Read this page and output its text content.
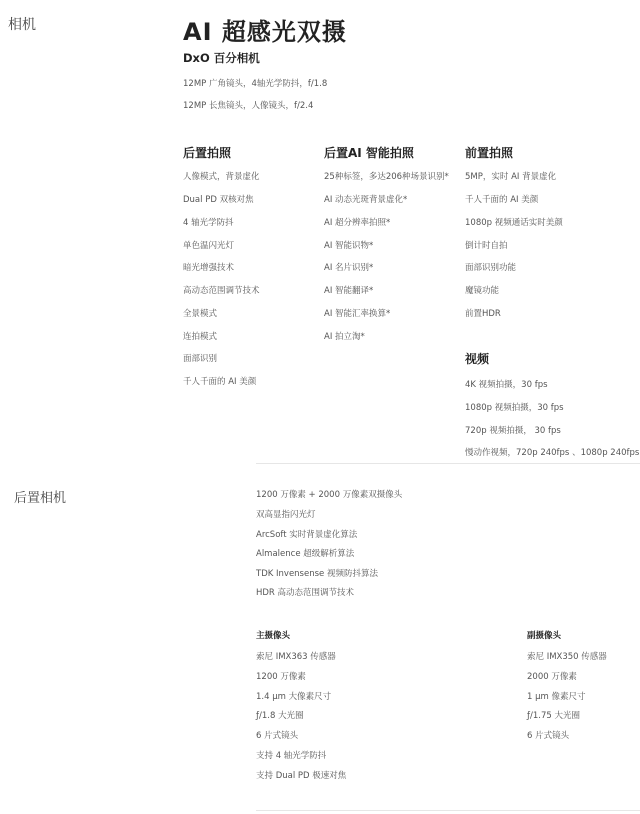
相机	AI 超感光双摄
DxO 百分相机
12MP 广角镜头，4轴光学防抖，f/1.8
12MP 长焦镜头，人像镜头，f/2.4
后置拍照
人像模式，背景虚化
Dual PD 双核对焦
4 轴光学防抖
单色温闪光灯
暗光增强技术
高动态范围调节技术
全景模式
连拍模式
面部识别
千人千面的 AI 美颜
后置AI 智能拍照
25种标签，多达206种场景识别*
AI 动态光斑背景虚化*
AI 超分辨率拍照*
AI 智能识物*
AI 名片识别*
AI 智能翻译*
AI 智能汇率换算*
AI 拍立淘*
前置拍照
5MP，实时 AI 背景虚化
千人千面的 AI 美颜
1080p 视频通话实时美颜
倒计时自拍
面部识别功能
魔镜功能
前置HDR
视频
4K 视频拍摄，30 fps
1080p 视频拍摄，30 fps
720p 视频拍摄， 30 fps
慢动作视频，720p 240fps 、1080p 240fps
后置相机	1200 万像素 + 2000 万像素双摄像头
双高显指闪光灯
ArcSoft 实时背景虚化算法
Almalence 超级解析算法
TDK Invensense 视频防抖算法
HDR 高动态范围调节技术
主摄像头
索尼 IMX363 传感器
1200 万像素
1.4 μm 大像素尺寸
ƒ/1.8 大光圈
6 片式镜头
支持 4 轴光学防抖
支持 Dual PD 极速对焦
副摄像头
索尼 IMX350 传感器
2000 万像素
1 μm 像素尺寸
ƒ/1.75 大光圈
6 片式镜头
